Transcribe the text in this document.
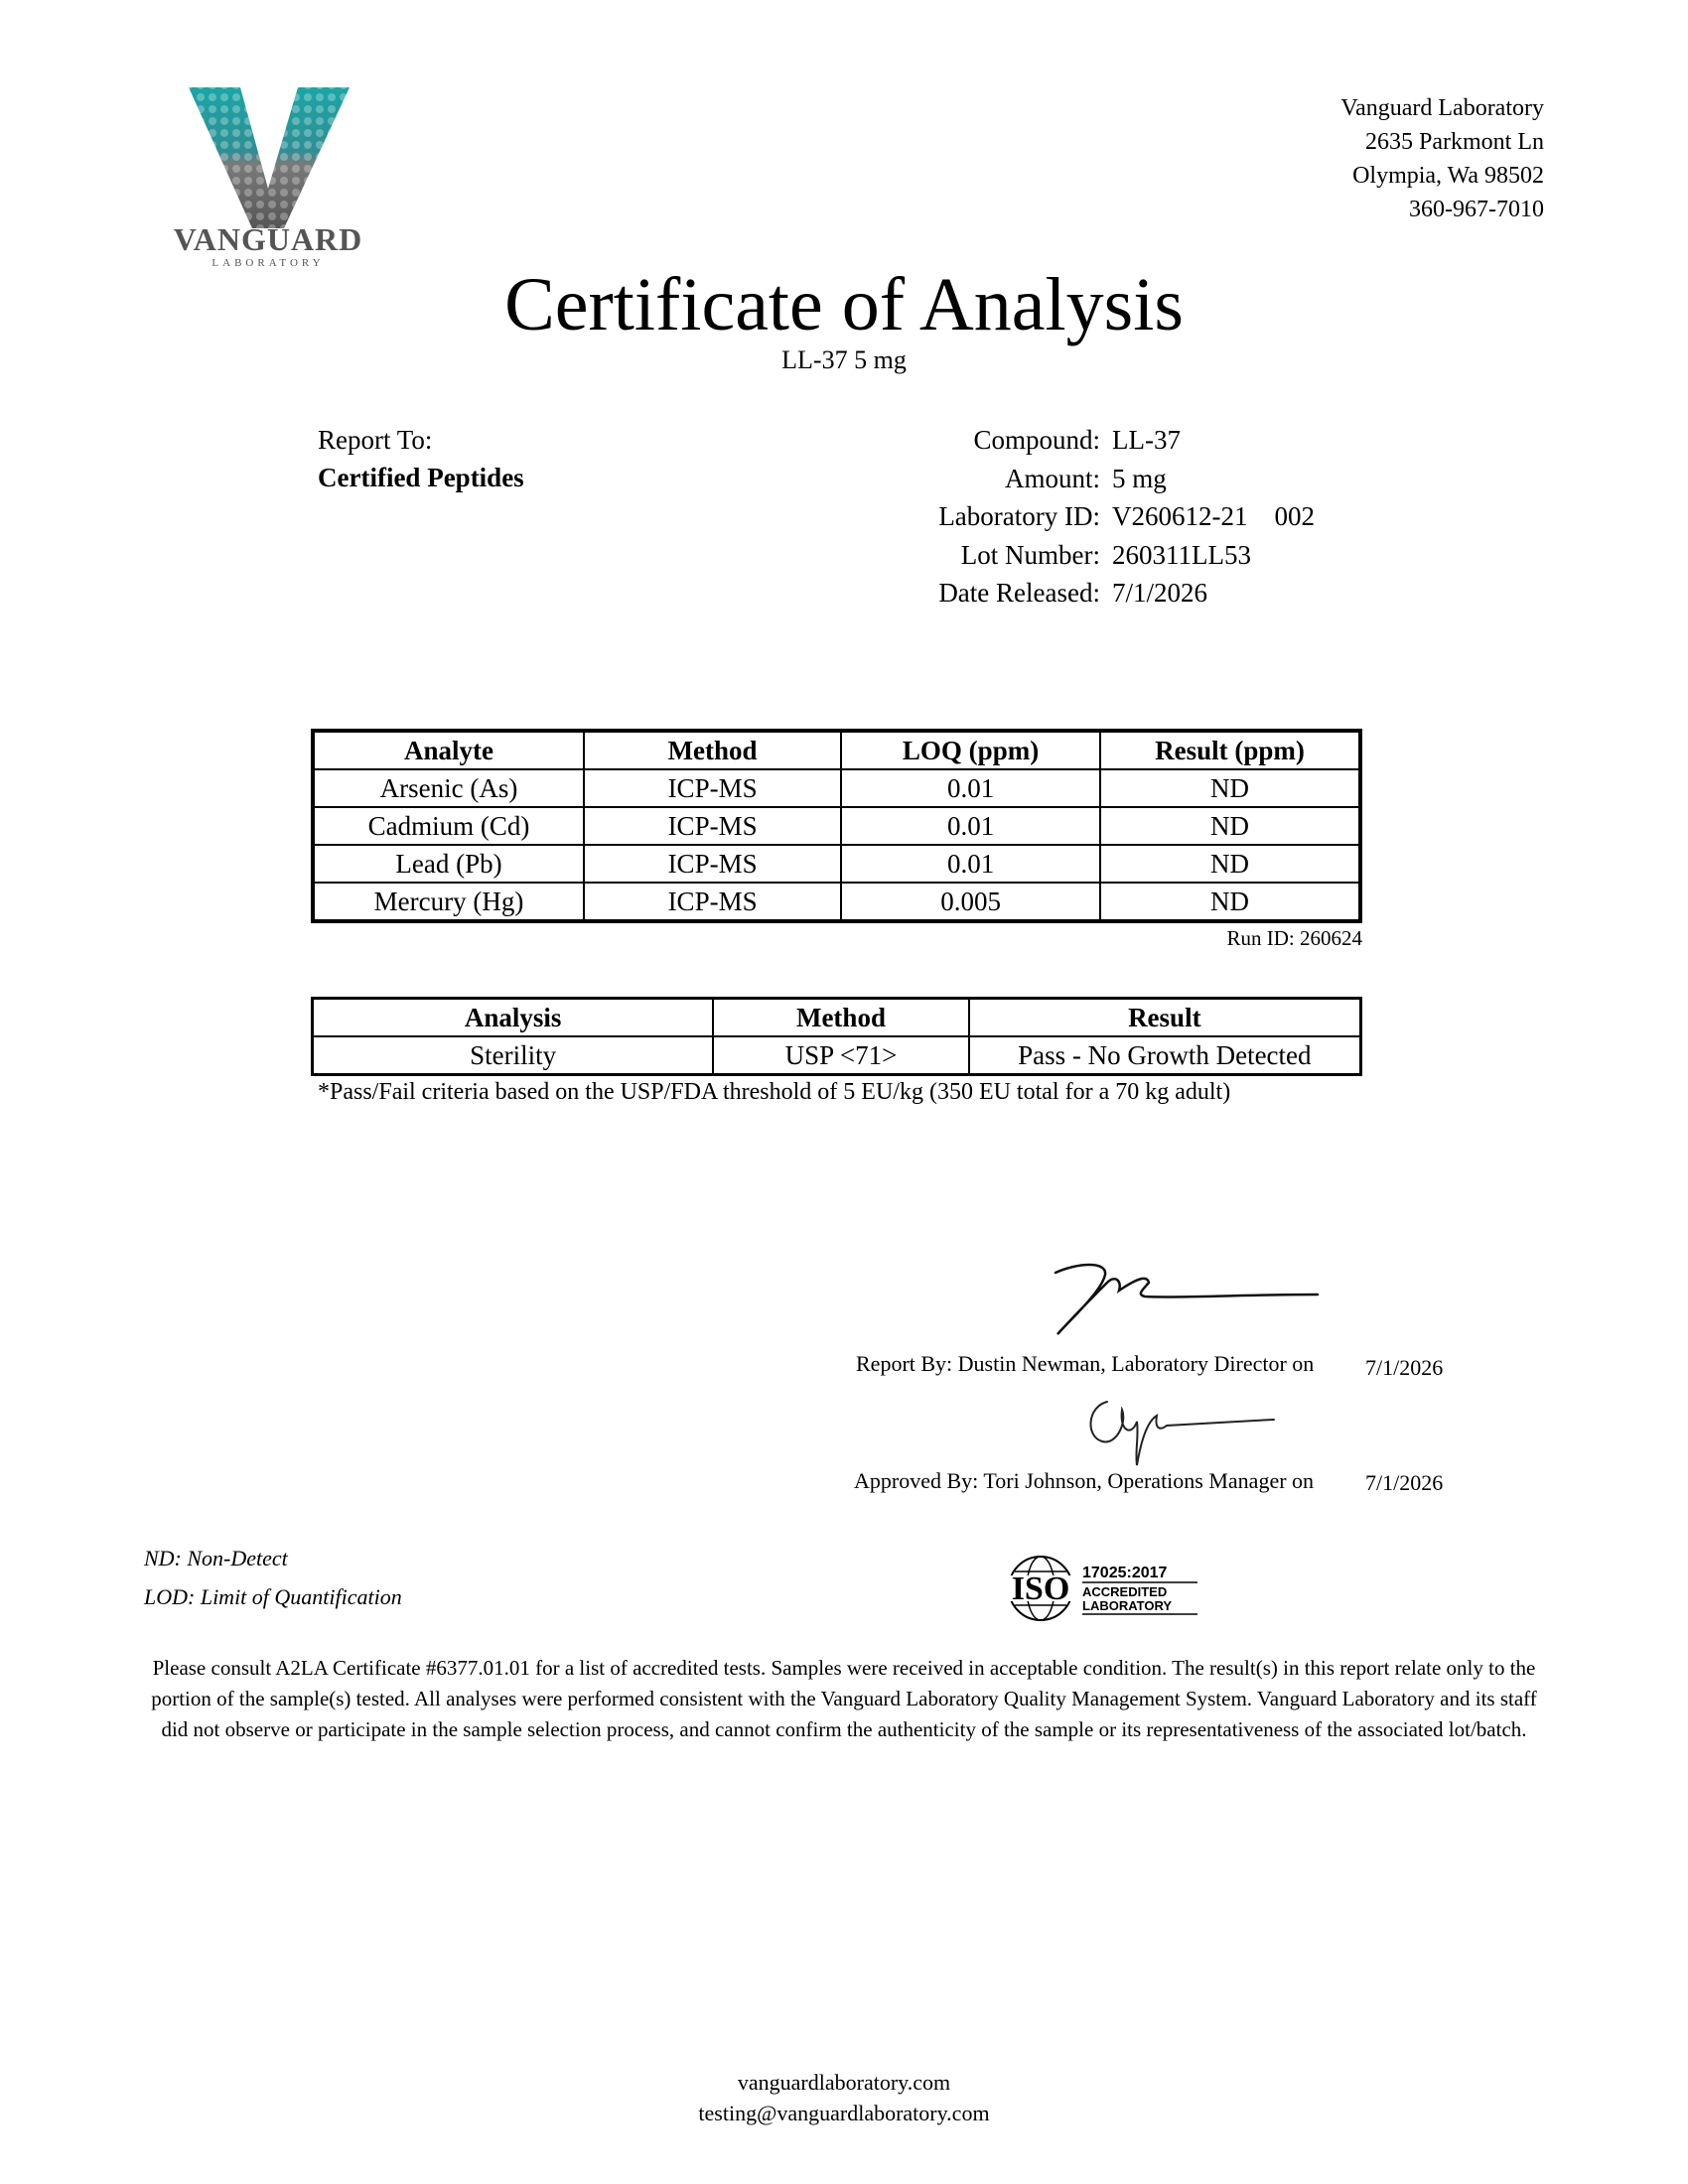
VANGUARD
LABORATORY
Vanguard Laboratory
2635 Parkmont Ln
Olympia, Wa 98502
360-967-7010
Certificate of Analysis
LL-37 5 mg
Report To:
Certified Peptides
Compound: LL-37
Amount: 5 mg
Laboratory ID: V260612-21    002
Lot Number: 260311LL53
Date Released: 7/1/2026
Analyte	Method	LOQ (ppm)	Result (ppm)
Arsenic (As)	ICP-MS	0.01	ND
Cadmium (Cd)	ICP-MS	0.01	ND
Lead (Pb)	ICP-MS	0.01	ND
Mercury (Hg)	ICP-MS	0.005	ND
Run ID: 260624
Analysis	Method	Result
Sterility	USP <71>	Pass - No Growth Detected
*Pass/Fail criteria based on the USP/FDA threshold of 5 EU/kg (350 EU total for a 70 kg adult)
Report By: Dustin Newman, Laboratory Director on 7/1/2026
Approved By: Tori Johnson, Operations Manager on 7/1/2026
ND: Non-Detect
LOD: Limit of Quantification	ISO 17025:2017
ACCREDITED
LABORATORY
Please consult A2LA Certificate #6377.01.01 for a list of accredited tests. Samples were received in acceptable condition. The result(s) in this report relate only to the portion of the sample(s) tested. All analyses were performed consistent with the Vanguard Laboratory Quality Management System. Vanguard Laboratory and its staff did not observe or participate in the sample selection process, and cannot confirm the authenticity of the sample or its representativeness of the associated lot/batch.
vanguardlaboratory.com
testing@vanguardlaboratory.com
